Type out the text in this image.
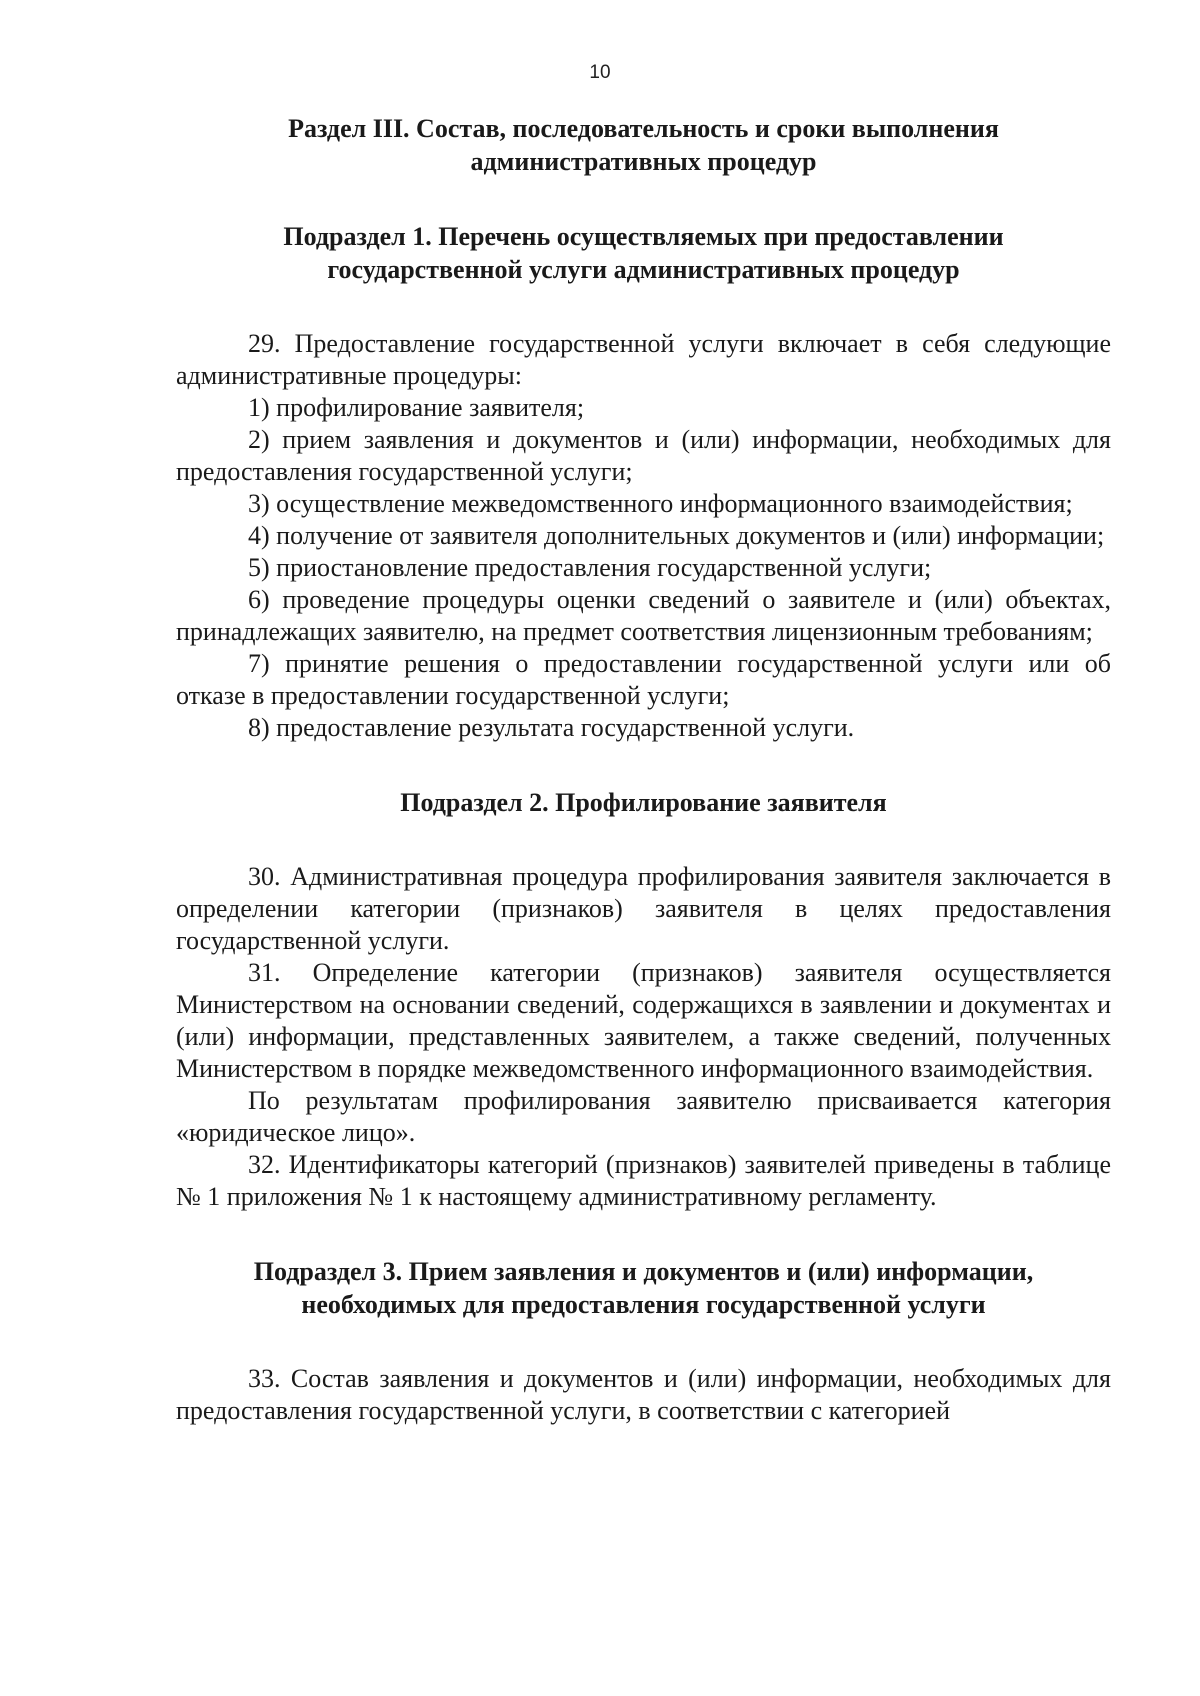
10
Раздел III. Состав, последовательность и сроки выполнения
административных процедур
Подраздел 1. Перечень осуществляемых при предоставлении
государственной услуги административных процедур

29. Предоставление государственной услуги включает в себя следующие административные процедуры:

1) профилирование заявителя;

2) прием заявления и документов и (или) информации, необходимых для предоставления государственной услуги;

3) осуществление межведомственного информационного взаимодействия;

4) получение от заявителя дополнительных документов и (или) информации;

5) приостановление предоставления государственной услуги;

6) проведение процедуры оценки сведений о заявителе и (или) объектах, принадлежащих заявителю, на предмет соответствия лицензионным требованиям;

7) принятие решения о предоставлении государственной услуги или об отказе в предоставлении государственной услуги;

8) предоставление результата государственной услуги.

Подраздел 2. Профилирование заявителя

30. Административная процедура профилирования заявителя заключается в определении категории (признаков) заявителя в целях предоставления государственной услуги.

31. Определение категории (признаков) заявителя осуществляется Министерством на основании сведений, содержащихся в заявлении и документах и (или) информации, представленных заявителем, а также сведений, полученных Министерством в порядке межведомственного информационного взаимодействия.

По результатам профилирования заявителю присваивается категория «юридическое лицо».

32. Идентификаторы категорий (признаков) заявителей приведены в таблице № 1 приложения № 1 к настоящему административному регламенту.

Подраздел 3. Прием заявления и документов и (или) информации,
необходимых для предоставления государственной услуги

33. Состав заявления и документов и (или) информации, необходимых для предоставления государственной услуги, в соответствии с категорией
